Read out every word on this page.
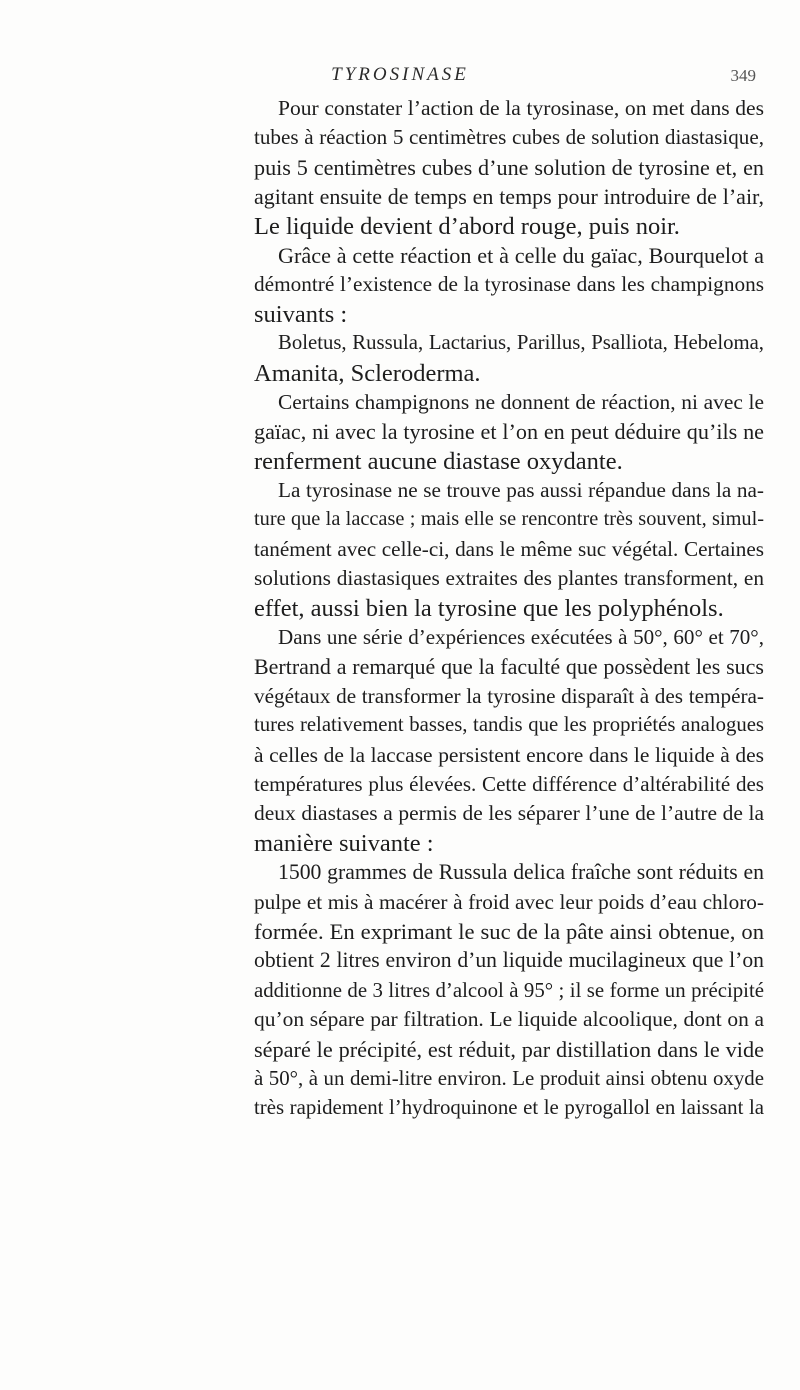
TYROSINASE	349
Pour constater l’action de la tyrosinase, on met dans des
tubes à réaction 5 centimètres cubes de solution diastasique,
puis 5 centimètres cubes d’une solution de tyrosine et, en
agitant ensuite de temps en temps pour introduire de l’air,
Le liquide devient d’abord rouge, puis noir.
Grâce à cette réaction et à celle du gaïac, Bourquelot a
démontré l’existence de la tyrosinase dans les champignons
suivants :
Boletus, Russula, Lactarius, Parillus, Psalliota, Hebeloma,
Amanita, Scleroderma.
Certains champignons ne donnent de réaction, ni avec le
gaïac, ni avec la tyrosine et l’on en peut déduire qu’ils ne
renferment aucune diastase oxydante.
La tyrosinase ne se trouve pas aussi répandue dans la na-
ture que la laccase ; mais elle se rencontre très souvent, simul-
tanément avec celle-ci, dans le même suc végétal. Certaines
solutions diastasiques extraites des plantes transforment, en
effet, aussi bien la tyrosine que les polyphénols.
Dans une série d’expériences exécutées à 50°, 60° et 70°,
Bertrand a remarqué que la faculté que possèdent les sucs
végétaux de transformer la tyrosine disparaît à des tempéra-
tures relativement basses, tandis que les propriétés analogues
à celles de la laccase persistent encore dans le liquide à des
températures plus élevées. Cette différence d’altérabilité des
deux diastases a permis de les séparer l’une de l’autre de la
manière suivante :
1500 grammes de Russula delica fraîche sont réduits en
pulpe et mis à macérer à froid avec leur poids d’eau chloro-
formée. En exprimant le suc de la pâte ainsi obtenue, on
obtient 2 litres environ d’un liquide mucilagineux que l’on
additionne de 3 litres d’alcool à 95° ; il se forme un précipité
qu’on sépare par filtration. Le liquide alcoolique, dont on a
séparé le précipité, est réduit, par distillation dans le vide
à 50°, à un demi-litre environ. Le produit ainsi obtenu oxyde
très rapidement l’hydroquinone et le pyrogallol en laissant la
